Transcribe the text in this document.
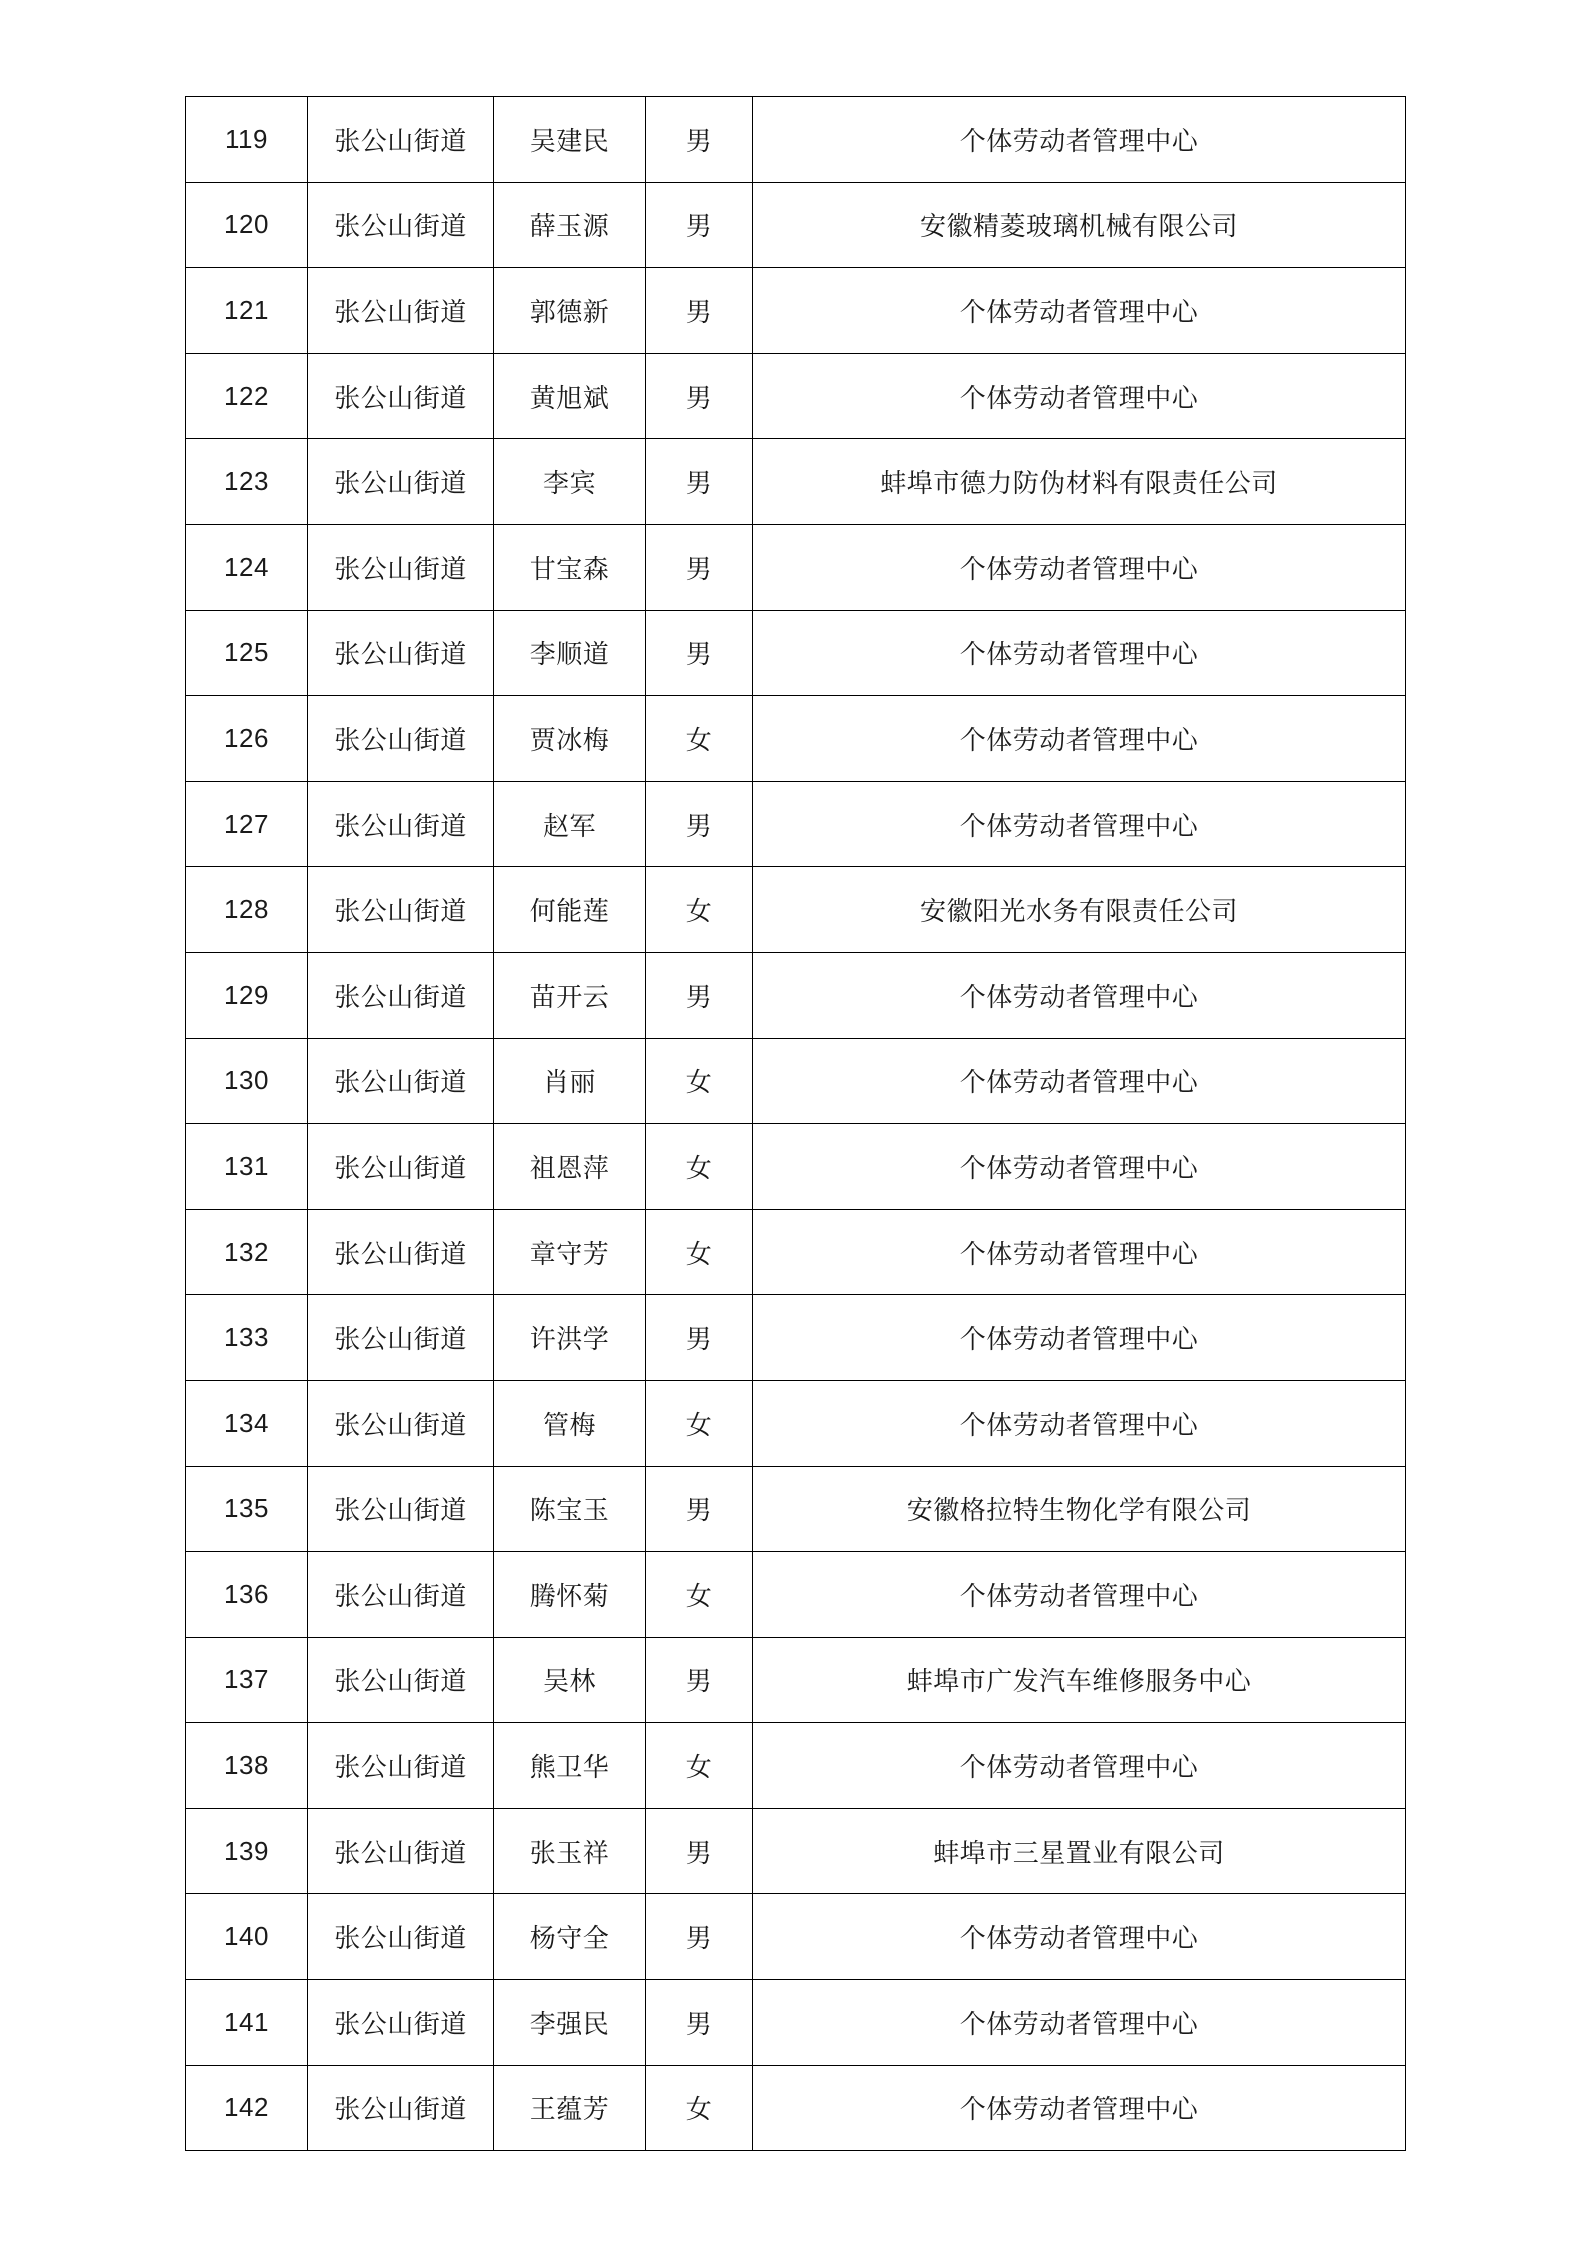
119	张公山街道	吴建民	男	个体劳动者管理中心
120	张公山街道	薛玉源	男	安徽精菱玻璃机械有限公司
121	张公山街道	郭德新	男	个体劳动者管理中心
122	张公山街道	黄旭斌	男	个体劳动者管理中心
123	张公山街道	李宾	男	蚌埠市德力防伪材料有限责任公司
124	张公山街道	甘宝森	男	个体劳动者管理中心
125	张公山街道	李顺道	男	个体劳动者管理中心
126	张公山街道	贾冰梅	女	个体劳动者管理中心
127	张公山街道	赵军	男	个体劳动者管理中心
128	张公山街道	何能莲	女	安徽阳光水务有限责任公司
129	张公山街道	苗开云	男	个体劳动者管理中心
130	张公山街道	肖丽	女	个体劳动者管理中心
131	张公山街道	祖恩萍	女	个体劳动者管理中心
132	张公山街道	章守芳	女	个体劳动者管理中心
133	张公山街道	许洪学	男	个体劳动者管理中心
134	张公山街道	管梅	女	个体劳动者管理中心
135	张公山街道	陈宝玉	男	安徽格拉特生物化学有限公司
136	张公山街道	腾怀菊	女	个体劳动者管理中心
137	张公山街道	吴林	男	蚌埠市广发汽车维修服务中心
138	张公山街道	熊卫华	女	个体劳动者管理中心
139	张公山街道	张玉祥	男	蚌埠市三星置业有限公司
140	张公山街道	杨守全	男	个体劳动者管理中心
141	张公山街道	李强民	男	个体劳动者管理中心
142	张公山街道	王蕴芳	女	个体劳动者管理中心
